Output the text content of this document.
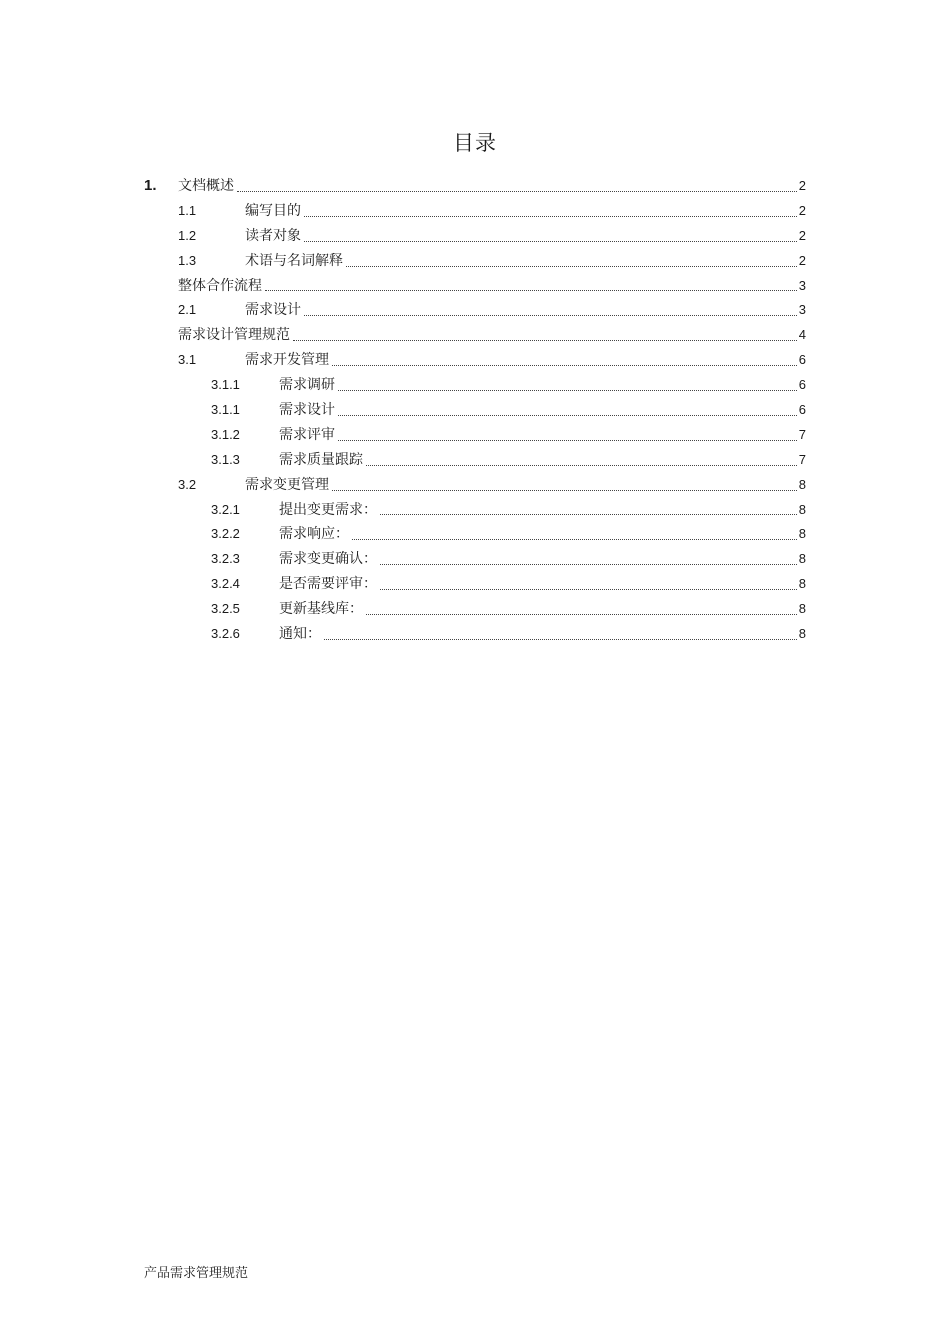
目录
1. 文档概述	2
1.1	编写目的	2
1.2	读者对象	2
1.3	术语与名词解释	2
整体合作流程	3
2.1	需求设计	3
需求设计管理规范	4
3.1	需求开发管理	6
3.1.1	需求调研	6
3.1.1	需求设计	6
3.1.2	需求评审	7
3.1.3	需求质量跟踪	7
3.2	需求变更管理	8
3.2.1	提出变更需求：	8
3.2.2	需求响应：	8
3.2.3	需求变更确认：	8
3.2.4	是否需要评审：	8
3.2.5	更新基线库：	8
3.2.6	通知：	8
产品需求管理规范
